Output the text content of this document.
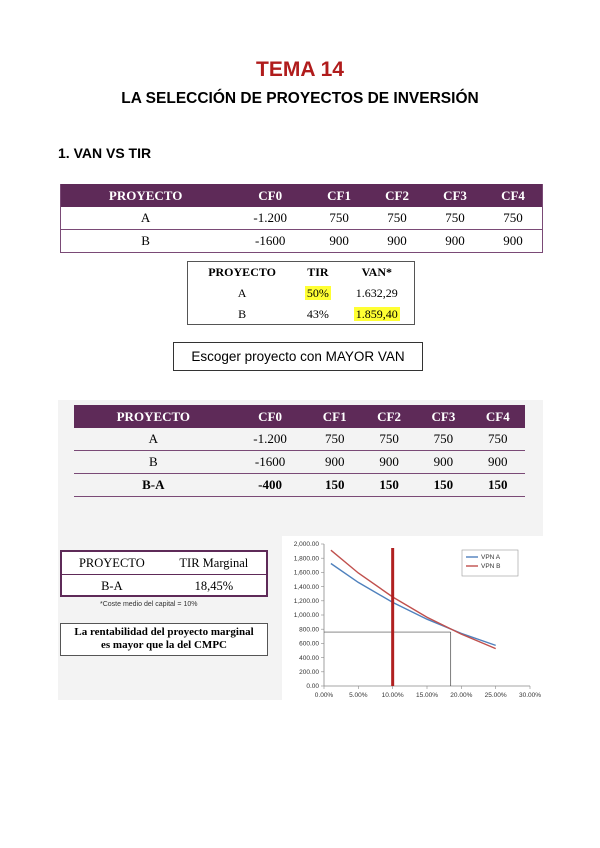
TEMA 14
LA SELECCIÓN DE PROYECTOS DE INVERSIÓN
1. VAN VS TIR
PROYECTO	CF0	CF1	CF2	CF3	CF4
A	-1.200	750	750	750	750
B	-1600	900	900	900	900
PROYECTO	TIR	VAN*
A	50%	1.632,29
B	43%	1.859,40
Escoger proyecto con MAYOR VAN
PROYECTO	CF0	CF1	CF2	CF3	CF4
A	-1.200	750	750	750	750
B	-1600	900	900	900	900
B-A	-400	150	150	150	150
PROYECTO	TIR Marginal
B-A	18,45%
*Coste medio del capital = 10%
La rentabilidad del proyecto marginal
es mayor que la del CMPC
0.00
200.00
400.00
600.00
800.00
1,000.00
1,200.00
1,400.00
1,600.00
1,800.00
2,000.00
0.00% 5.00% 10.00% 15.00% 20.00% 25.00% 30.00%
VPN A
VPN B
